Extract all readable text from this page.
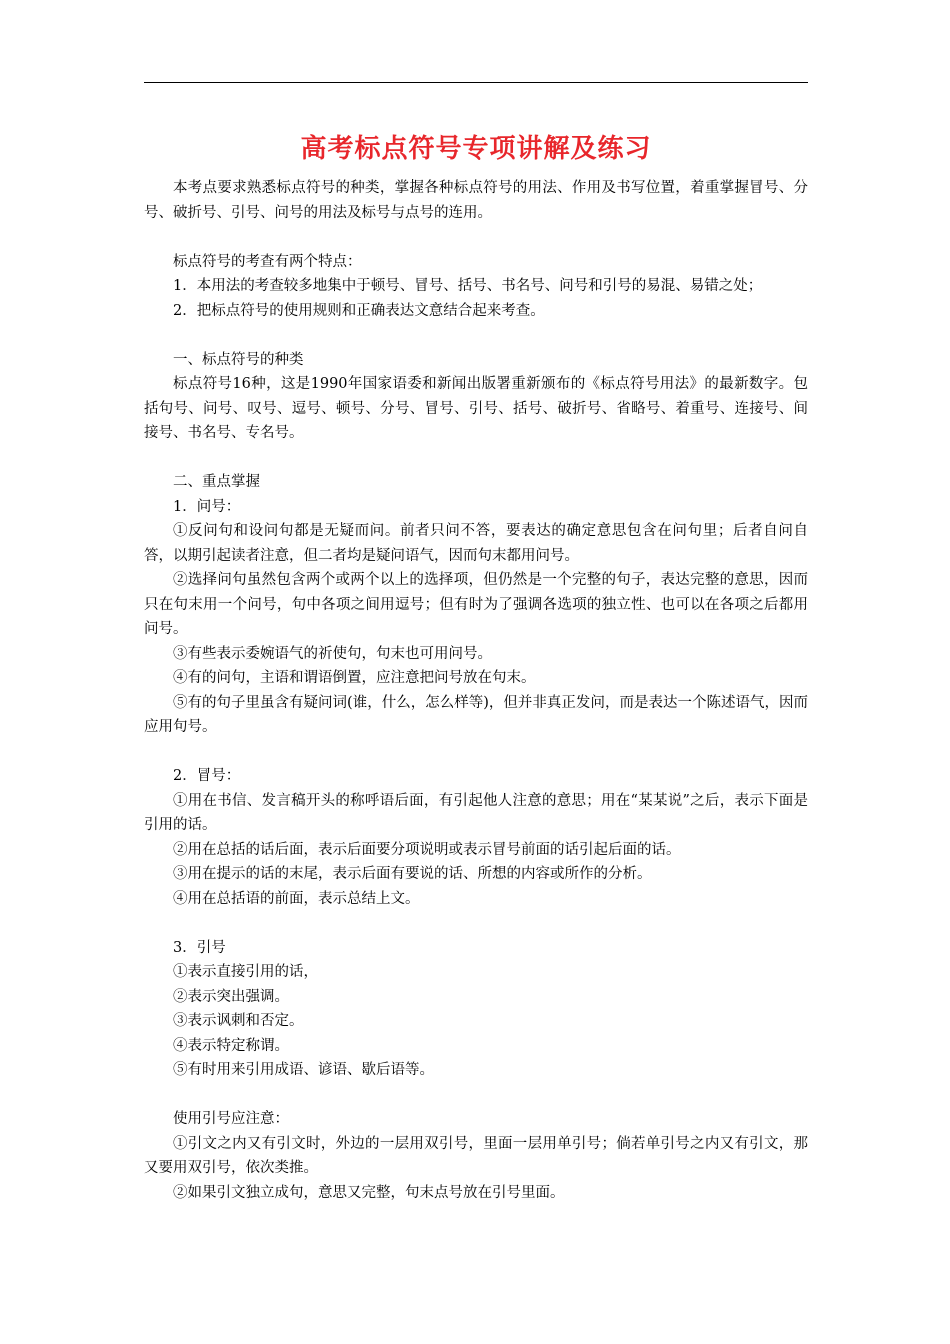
高考标点符号专项讲解及练习

本考点要求熟悉标点符号的种类，掌握各种标点符号的用法、作用及书写位置，着重掌握冒号、分号、破折号、引号、问号的用法及标号与点号的连用。

标点符号的考查有两个特点：

1．本用法的考查较多地集中于顿号、冒号、括号、书名号、问号和引号的易混、易错之处；

2．把标点符号的使用规则和正确表达文意结合起来考查。

一、标点符号的种类

标点符号16种，这是1990年国家语委和新闻出版署重新颁布的《标点符号用法》的最新数字。包括句号、问号、叹号、逗号、顿号、分号、冒号、引号、括号、破折号、省略号、着重号、连接号、间接号、书名号、专名号。

二、重点掌握

1．问号：

①反问句和设问句都是无疑而问。前者只问不答，要表达的确定意思包含在问句里；后者自问自答，以期引起读者注意，但二者均是疑问语气，因而句末都用问号。

②选择问句虽然包含两个或两个以上的选择项，但仍然是一个完整的句子，表达完整的意思，因而只在句末用一个问号，句中各项之间用逗号；但有时为了强调各选项的独立性、也可以在各项之后都用问号。

③有些表示委婉语气的祈使句，句末也可用问号。

④有的问句，主语和谓语倒置，应注意把问号放在句末。

⑤有的句子里虽含有疑问词(谁，什么，怎么样等)，但并非真正发问，而是表达一个陈述语气，因而应用句号。

2．冒号：

①用在书信、发言稿开头的称呼语后面，有引起他人注意的意思；用在“某某说”之后，表示下面是引用的话。

②用在总括的话后面，表示后面要分项说明或表示冒号前面的话引起后面的话。

③用在提示的话的末尾，表示后面有要说的话、所想的内容或所作的分析。

④用在总括语的前面，表示总结上文。

3．引号

①表示直接引用的话，

②表示突出强调。

③表示讽刺和否定。

④表示特定称谓。

⑤有时用来引用成语、谚语、歇后语等。

使用引号应注意：

①引文之内又有引文时，外边的一层用双引号，里面一层用单引号；倘若单引号之内又有引文，那又要用双引号，依次类推。

②如果引文独立成句，意思又完整，句末点号放在引号里面。
